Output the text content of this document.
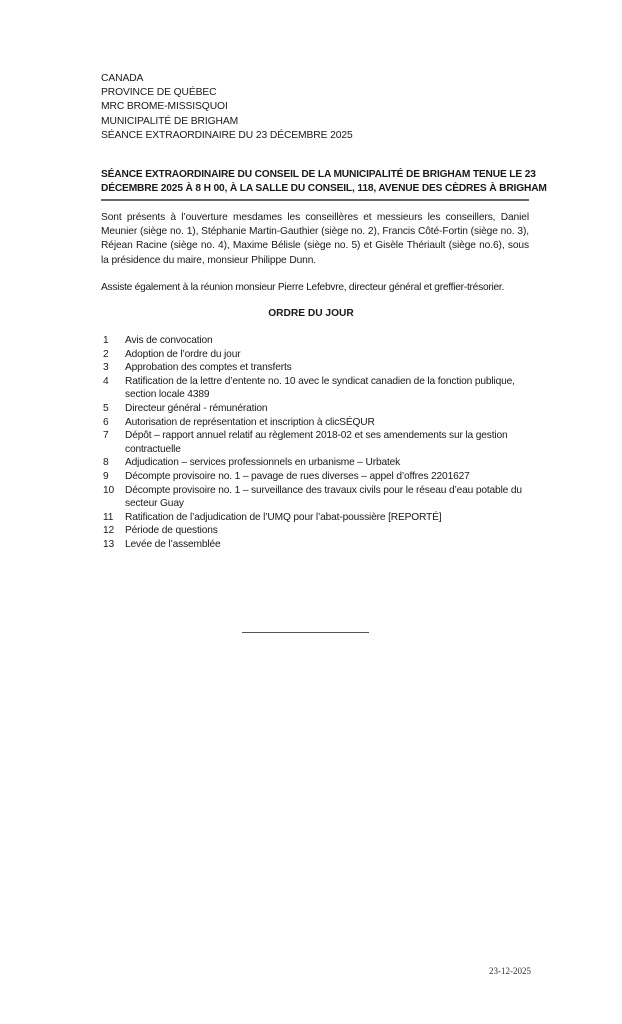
CANADA
PROVINCE DE QUÉBEC
MRC BROME-MISSISQUOI
MUNICIPALITÉ DE BRIGHAM
SÉANCE EXTRAORDINAIRE DU 23 DÉCEMBRE 2025
SÉANCE EXTRAORDINAIRE DU CONSEIL DE LA MUNICIPALITÉ DE BRIGHAM TENUE LE 23
DÉCEMBRE 2025 À 8 H 00, À LA SALLE DU CONSEIL, 118, AVENUE DES CÈDRES À BRIGHAM
Sont présents à l’ouverture mesdames les conseillères et messieurs les conseillers, Daniel Meunier (siège no. 1), Stéphanie Martin-Gauthier (siège no. 2), Francis Côté-Fortin (siège no. 3), Réjean Racine (siège no. 4), Maxime Bélisle (siège no. 5) et Gisèle Thériault (siège no.6), sous la présidence du maire, monsieur Philippe Dunn.
Assiste également à la réunion monsieur Pierre Lefebvre, directeur général et greffier-trésorier.
ORDRE DU JOUR
1	Avis de convocation
2	Adoption de l’ordre du jour
3	Approbation des comptes et transferts
4	Ratification de la lettre d’entente no. 10 avec le syndicat canadien de la fonction publique, section locale 4389
5	Directeur général - rémunération
6	Autorisation de représentation et inscription à clicSÉQUR
7	Dépôt – rapport annuel relatif au règlement 2018-02 et ses amendements sur la gestion contractuelle
8	Adjudication – services professionnels en urbanisme – Urbatek
9	Décompte provisoire no. 1 – pavage de rues diverses – appel d’offres 2201627
10	Décompte provisoire no. 1 – surveillance des travaux civils pour le réseau d’eau potable du secteur Guay
11	Ratification de l’adjudication de l’UMQ pour l’abat-poussière [REPORTÉ]
12	Période de questions
13	Levée de l’assemblée
23-12-2025
